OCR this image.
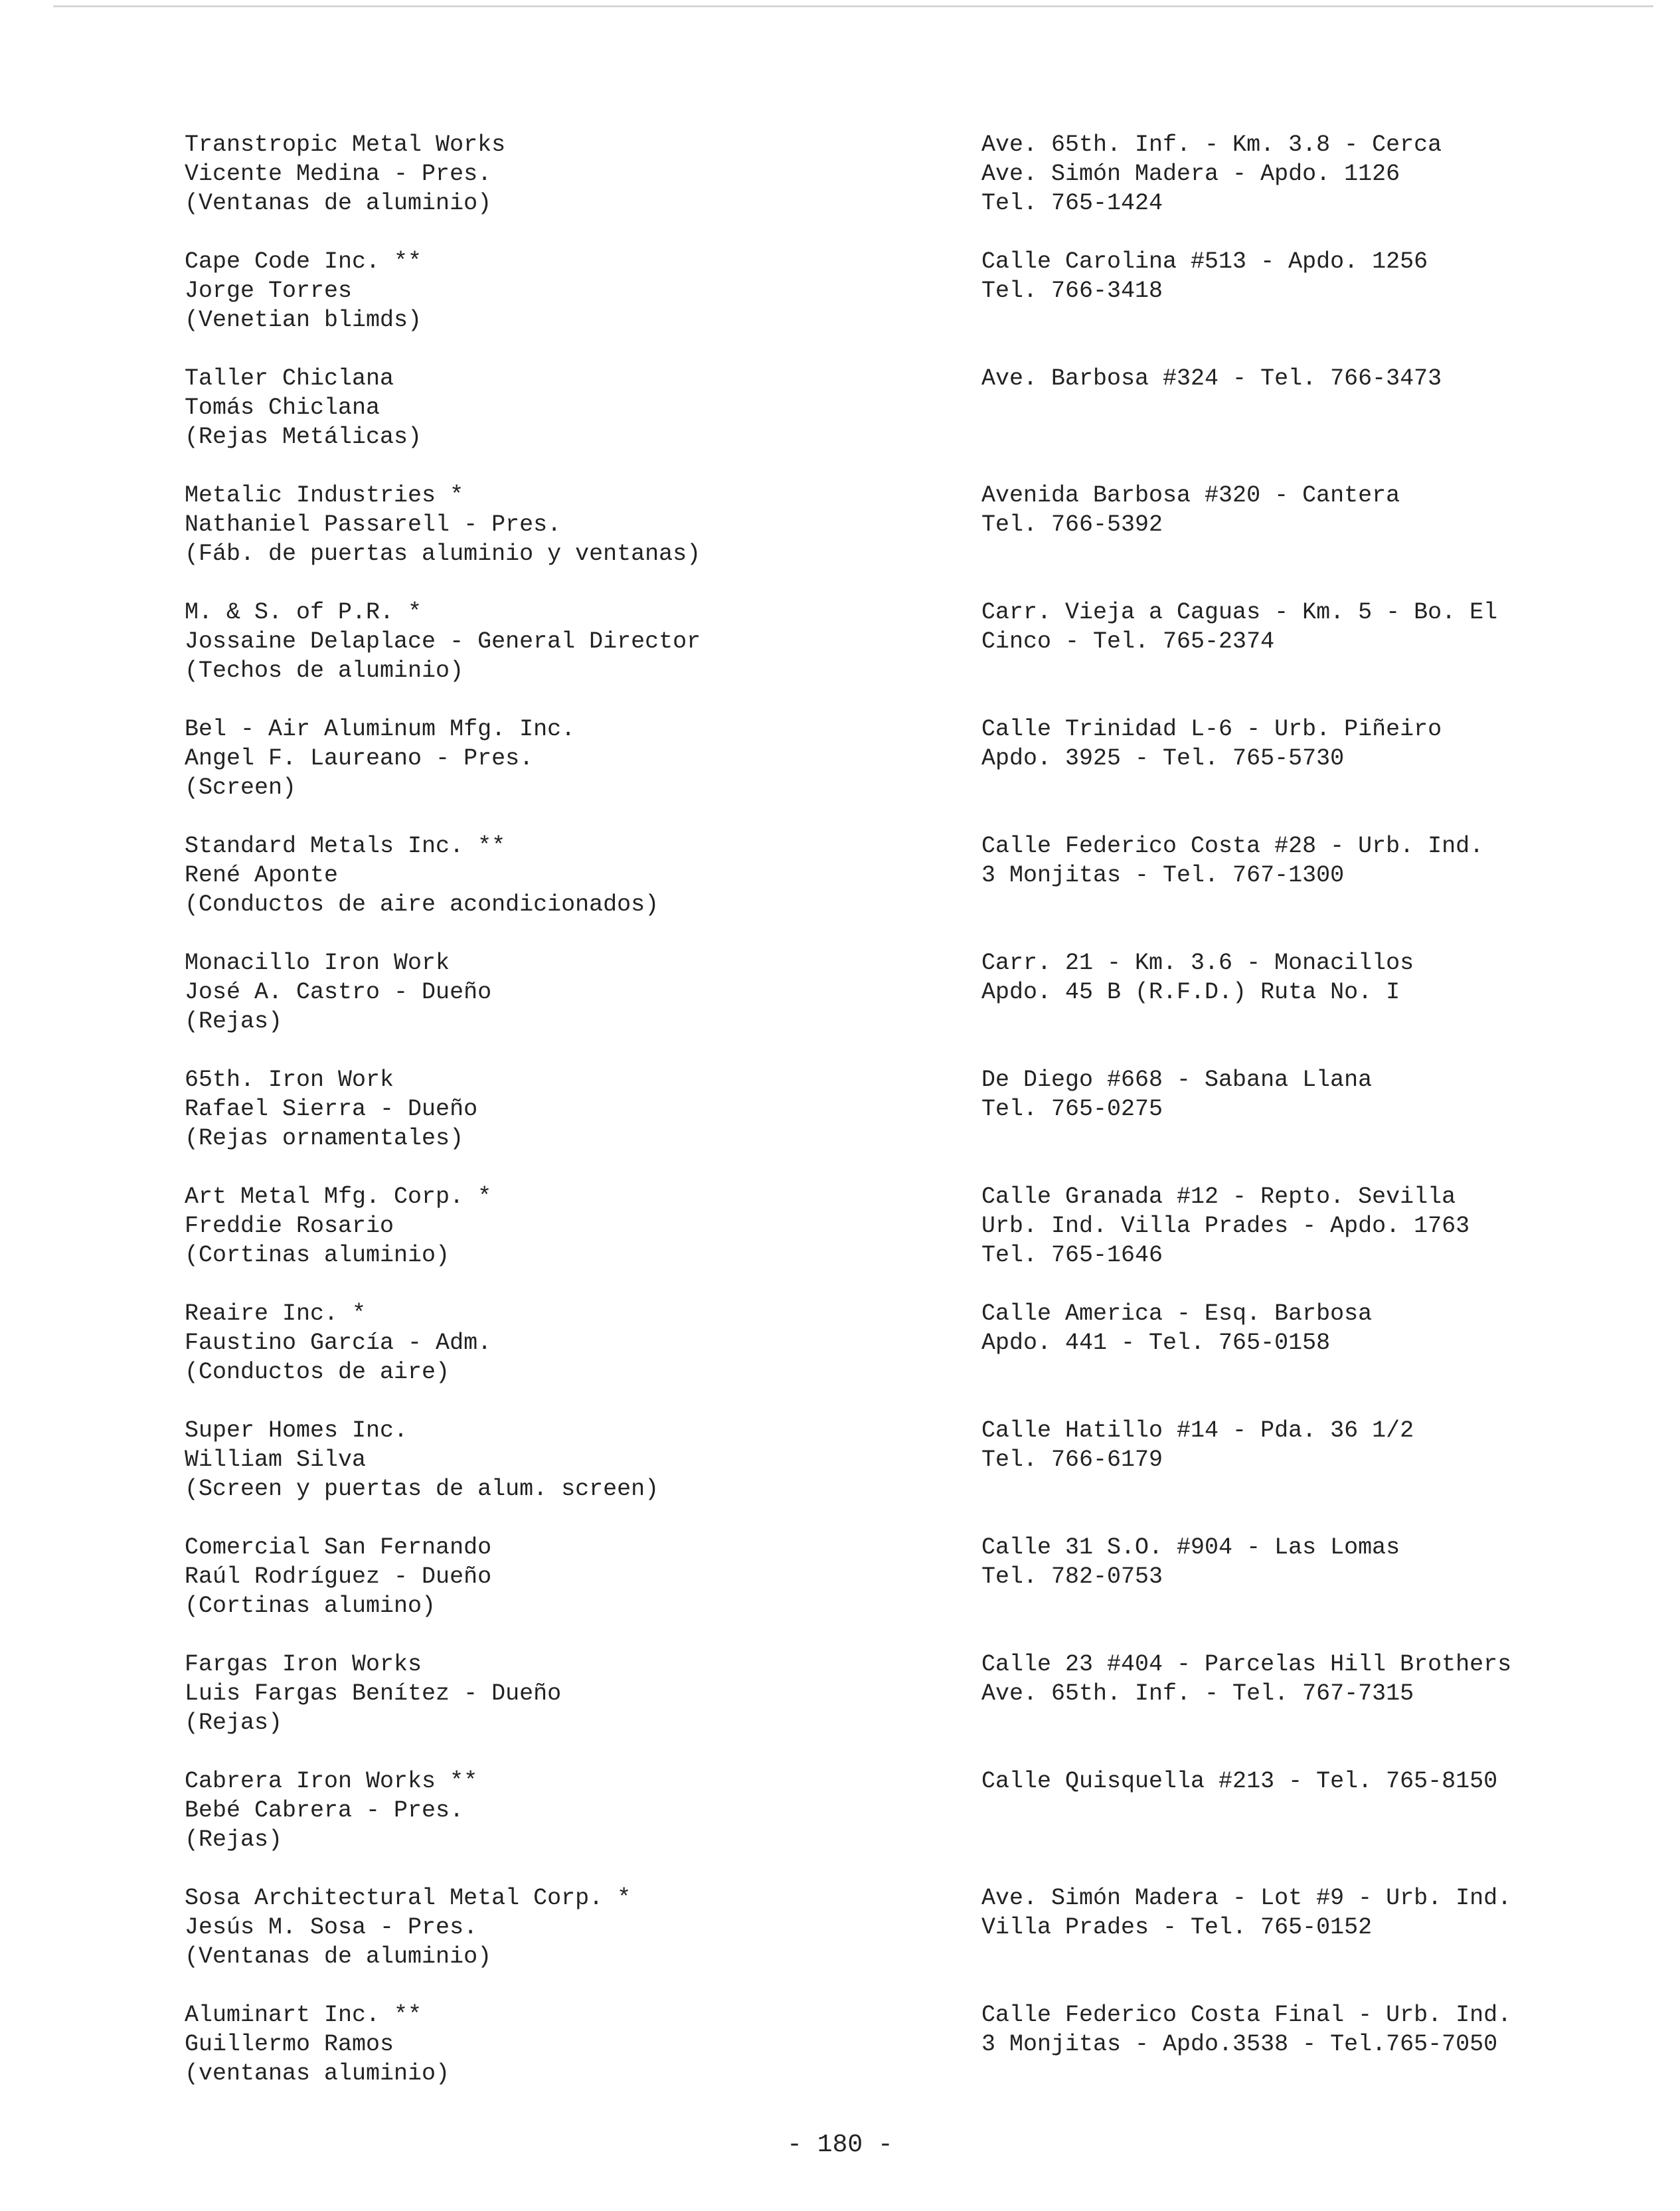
Transtropic Metal Works
Vicente Medina - Pres.
(Ventanas de aluminio)
Ave. 65th. Inf. - Km. 3.8 - Cerca
Ave. Simón Madera - Apdo. 1126
Tel. 765-1424
Cape Code Inc. **
Jorge Torres
(Venetian blimds)
Calle Carolina #513 - Apdo. 1256
Tel. 766-3418
Taller Chiclana
Tomás Chiclana
(Rejas Metálicas)
Ave. Barbosa #324 - Tel. 766-3473
Metalic Industries *
Nathaniel Passarell - Pres.
(Fáb. de puertas aluminio y ventanas)
Avenida Barbosa #320 - Cantera
Tel. 766-5392
M. & S. of P.R. *
Jossaine Delaplace - General Director
(Techos de aluminio)
Carr. Vieja a Caguas - Km. 5 - Bo. El
Cinco - Tel. 765-2374
Bel - Air Aluminum Mfg. Inc.
Angel F. Laureano - Pres.
(Screen)
Calle Trinidad L-6 - Urb. Piñeiro
Apdo. 3925 - Tel. 765-5730
Standard Metals Inc. **
René Aponte
(Conductos de aire acondicionados)
Calle Federico Costa #28 - Urb. Ind.
3 Monjitas - Tel. 767-1300
Monacillo Iron Work
José A. Castro - Dueño
(Rejas)
Carr. 21 - Km. 3.6 - Monacillos
Apdo. 45 B (R.F.D.) Ruta No. I
65th. Iron Work
Rafael Sierra - Dueño
(Rejas ornamentales)
De Diego #668 - Sabana Llana
Tel. 765-0275
Art Metal Mfg. Corp. *
Freddie Rosario
(Cortinas aluminio)
Calle Granada #12 - Repto. Sevilla
Urb. Ind. Villa Prades - Apdo. 1763
Tel. 765-1646
Reaire Inc. *
Faustino García - Adm.
(Conductos de aire)
Calle America - Esq. Barbosa
Apdo. 441 - Tel. 765-0158
Super Homes Inc.
William Silva
(Screen y puertas de alum. screen)
Calle Hatillo #14 - Pda. 36 1/2
Tel. 766-6179
Comercial San Fernando
Raúl Rodríguez - Dueño
(Cortinas alumino)
Calle 31 S.O. #904 - Las Lomas
Tel. 782-0753
Fargas Iron Works
Luis Fargas Benítez - Dueño
(Rejas)
Calle 23 #404 - Parcelas Hill Brothers
Ave. 65th. Inf. - Tel. 767-7315
Cabrera Iron Works **
Bebé Cabrera - Pres.
(Rejas)
Calle Quisquella #213 - Tel. 765-8150
Sosa Architectural Metal Corp. *
Jesús M. Sosa - Pres.
(Ventanas de aluminio)
Ave. Simón Madera - Lot #9 - Urb. Ind.
Villa Prades - Tel. 765-0152
Aluminart Inc. **
Guillermo Ramos
(ventanas aluminio)
Calle Federico Costa Final - Urb. Ind.
3 Monjitas - Apdo.3538 - Tel.765-7050
- 180 -
